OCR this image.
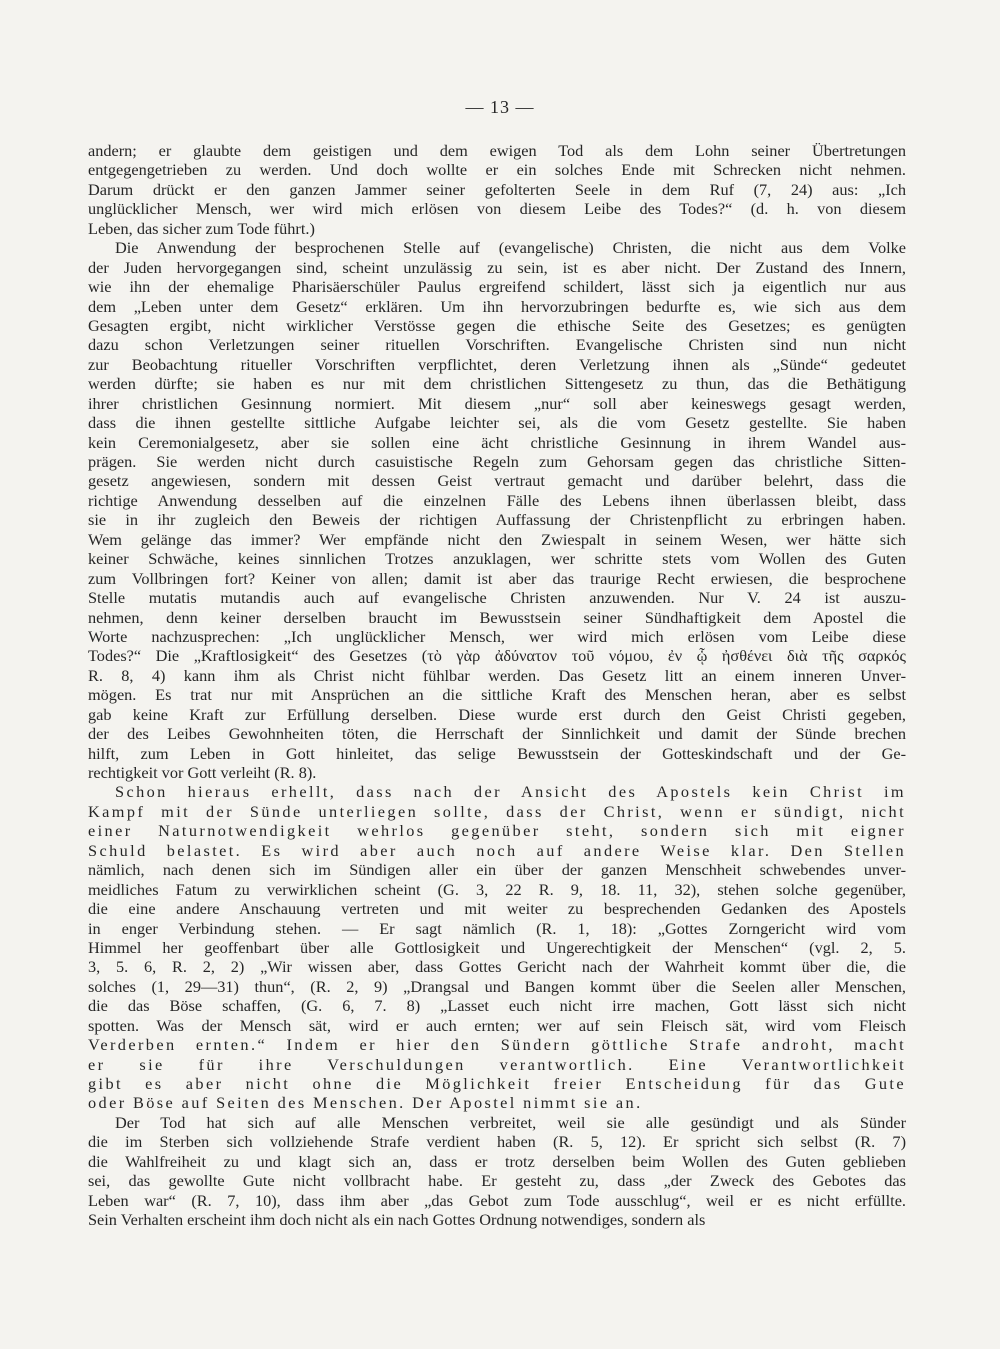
— 13 —
andern; er glaubte dem geistigen und dem ewigen Tod als dem Lohn seiner Übertretungen
entgegengetrieben zu werden. Und doch wollte er ein solches Ende mit Schrecken nicht nehmen.
Darum drückt er den ganzen Jammer seiner gefolterten Seele in dem Ruf (7, 24) aus: „Ich
unglücklicher Mensch, wer wird mich erlösen von diesem Leibe des Todes?“ (d. h. von diesem
Leben, das sicher zum Tode führt.)
Die Anwendung der besprochenen Stelle auf (evangelische) Christen, die nicht aus dem Volke
der Juden hervorgegangen sind, scheint unzulässig zu sein, ist es aber nicht. Der Zustand des Innern,
wie ihn der ehemalige Pharisäerschüler Paulus ergreifend schildert, lässt sich ja eigentlich nur aus
dem „Leben unter dem Gesetz“ erklären. Um ihn hervorzubringen bedurfte es, wie sich aus dem
Gesagten ergibt, nicht wirklicher Verstösse gegen die ethische Seite des Gesetzes; es genügten
dazu schon Verletzungen seiner rituellen Vorschriften. Evangelische Christen sind nun nicht
zur Beobachtung ritueller Vorschriften verpflichtet, deren Verletzung ihnen als „Sünde“ gedeutet
werden dürfte; sie haben es nur mit dem christlichen Sittengesetz zu thun, das die Bethätigung
ihrer christlichen Gesinnung normiert. Mit diesem „nur“ soll aber keineswegs gesagt werden,
dass die ihnen gestellte sittliche Aufgabe leichter sei, als die vom Gesetz gestellte. Sie haben
kein Ceremonialgesetz, aber sie sollen eine ächt christliche Gesinnung in ihrem Wandel aus-
prägen. Sie werden nicht durch casuistische Regeln zum Gehorsam gegen das christliche Sitten-
gesetz angewiesen, sondern mit dessen Geist vertraut gemacht und darüber belehrt, dass die
richtige Anwendung desselben auf die einzelnen Fälle des Lebens ihnen überlassen bleibt, dass
sie in ihr zugleich den Beweis der richtigen Auffassung der Christenpflicht zu erbringen haben.
Wem gelänge das immer? Wer empfände nicht den Zwiespalt in seinem Wesen, wer hätte sich
keiner Schwäche, keines sinnlichen Trotzes anzuklagen, wer schritte stets vom Wollen des Guten
zum Vollbringen fort? Keiner von allen; damit ist aber das traurige Recht erwiesen, die besprochene
Stelle mutatis mutandis auch auf evangelische Christen anzuwenden. Nur V. 24 ist auszu-
nehmen, denn keiner derselben braucht im Bewusstsein seiner Sündhaftigkeit dem Apostel die
Worte nachzusprechen: „Ich unglücklicher Mensch, wer wird mich erlösen vom Leibe diese
Todes?“ Die „Kraftlosigkeit“ des Gesetzes (τὸ γὰρ ἀδύνατον τοῦ νόμου, ἐν ᾧ ἠσθένει διὰ τῆς σαρκός
R. 8, 4) kann ihm als Christ nicht fühlbar werden. Das Gesetz litt an einem inneren Unver-
mögen. Es trat nur mit Ansprüchen an die sittliche Kraft des Menschen heran, aber es selbst
gab keine Kraft zur Erfüllung derselben. Diese wurde erst durch den Geist Christi gegeben,
der des Leibes Gewohnheiten töten, die Herrschaft der Sinnlichkeit und damit der Sünde brechen
hilft, zum Leben in Gott hinleitet, das selige Bewusstsein der Gotteskindschaft und der Ge-
rechtigkeit vor Gott verleiht (R. 8).
Schon hieraus erhellt, dass nach der Ansicht des Apostels kein Christ im
Kampf mit der Sünde unterliegen sollte, dass der Christ, wenn er sündigt, nicht
einer Naturnotwendigkeit wehrlos gegenüber steht, sondern sich mit eigner
Schuld belastet. Es wird aber auch noch auf andere Weise klar. Den Stellen
nämlich, nach denen sich im Sündigen aller ein über der ganzen Menschheit schwebendes unver-
meidliches Fatum zu verwirklichen scheint (G. 3, 22 R. 9, 18. 11, 32), stehen solche gegenüber,
die eine andere Anschauung vertreten und mit weiter zu besprechenden Gedanken des Apostels
in enger Verbindung stehen. — Er sagt nämlich (R. 1, 18): „Gottes Zorngericht wird vom
Himmel her geoffenbart über alle Gottlosigkeit und Ungerechtigkeit der Menschen“ (vgl. 2, 5.
3, 5. 6, R. 2, 2) „Wir wissen aber, dass Gottes Gericht nach der Wahrheit kommt über die, die
solches (1, 29—31) thun“, (R. 2, 9) „Drangsal und Bangen kommt über die Seelen aller Menschen,
die das Böse schaffen, (G. 6, 7. 8) „Lasset euch nicht irre machen, Gott lässt sich nicht
spotten. Was der Mensch sät, wird er auch ernten; wer auf sein Fleisch sät, wird vom Fleisch
Verderben ernten.“ Indem er hier den Sündern göttliche Strafe androht, macht
er sie für ihre Verschuldungen verantwortlich. Eine Verantwortlichkeit
gibt es aber nicht ohne die Möglichkeit freier Entscheidung für das Gute
oder Böse auf Seiten des Menschen. Der Apostel nimmt sie an.
Der Tod hat sich auf alle Menschen verbreitet, weil sie alle gesündigt und als Sünder
die im Sterben sich vollziehende Strafe verdient haben (R. 5, 12). Er spricht sich selbst (R. 7)
die Wahlfreiheit zu und klagt sich an, dass er trotz derselben beim Wollen des Guten geblieben
sei, das gewollte Gute nicht vollbracht habe. Er gesteht zu, dass „der Zweck des Gebotes das
Leben war“ (R. 7, 10), dass ihm aber „das Gebot zum Tode ausschlug“, weil er es nicht erfüllte.
Sein Verhalten erscheint ihm doch nicht als ein nach Gottes Ordnung notwendiges, sondern als
